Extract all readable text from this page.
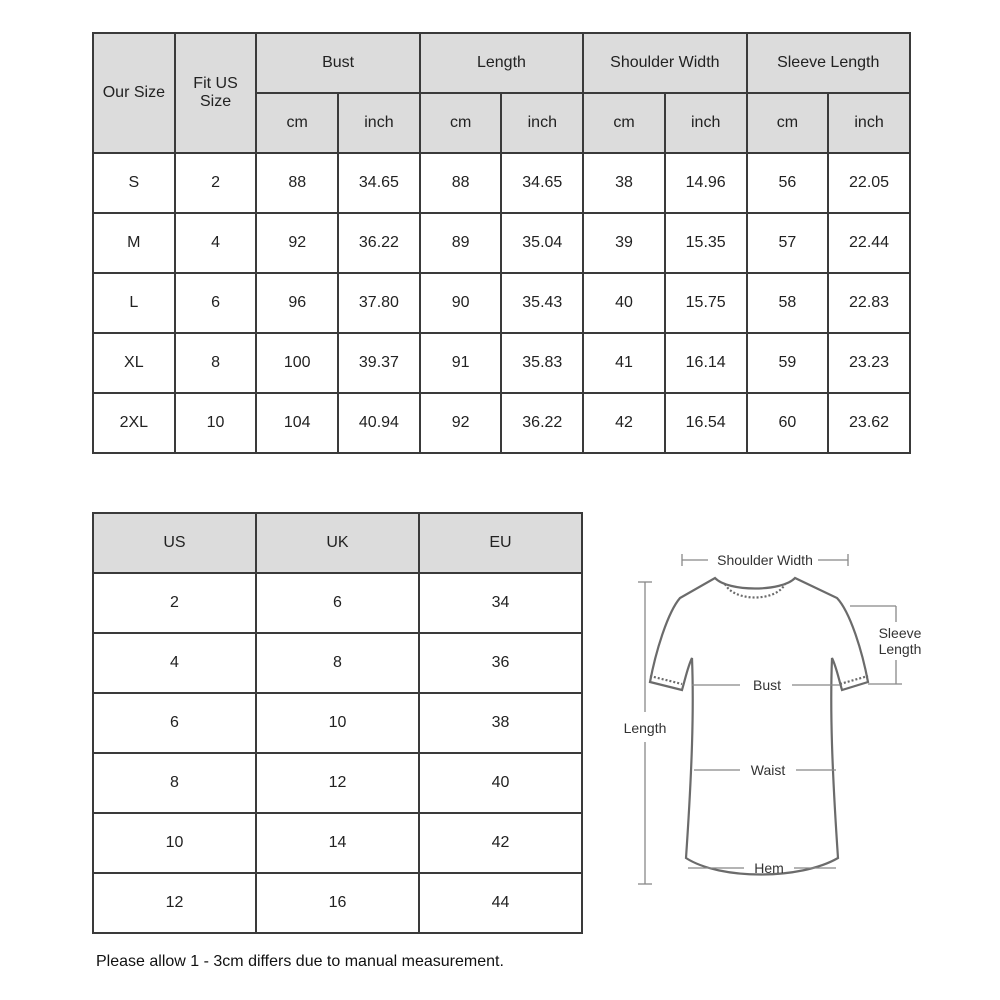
Our Size	Fit US Size	Bust		Length		Shoulder Width		Sleeve Length	
		cm	inch	cm	inch	cm	inch	cm	inch
S	2	88	34.65	88	34.65	38	14.96	56	22.05
M	4	92	36.22	89	35.04	39	15.35	57	22.44
L	6	96	37.80	90	35.43	40	15.75	58	22.83
XL	8	100	39.37	91	35.83	41	16.14	59	23.23
2XL	10	104	40.94	92	36.22	42	16.54	60	23.62
US	UK	EU
2	6	34
4	8	36
6	10	38
8	12	40
10	14	42
12	16	44
Shoulder Width
Length
Sleeve
Length
Bust
Waist
Hem
Please allow 1 - 3cm differs due to manual measurement.
